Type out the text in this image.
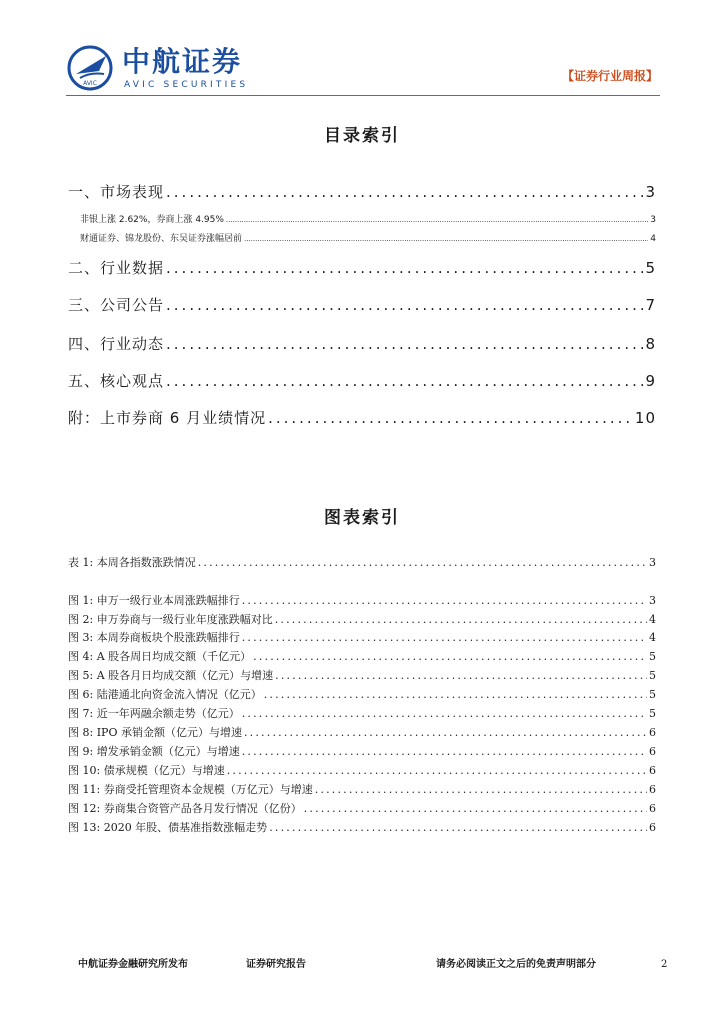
AVIC
中航证券
AVIC SECURITIES
【证券行业周报】
目录索引
一、市场表现 .....	3
非银上涨 2.62%，券商上涨 4.95% .....	3
财通证券、锦龙股份、东吴证券涨幅居前 .....	4
二、行业数据 .....	5
三、公司公告 .....	7
四、行业动态 .....	8
五、核心观点 .....	9
附：上市券商 6 月业绩情况 .....	10
图表索引
表 1: 本周各指数涨跌情况 .....	3
图 1: 申万一级行业本周涨跌幅排行 .....	3
图 2: 申万券商与一级行业年度涨跌幅对比 .....	4
图 3: 本周券商板块个股涨跌幅排行 .....	4
图 4: A 股各周日均成交额（千亿元） .....	5
图 5: A 股各月日均成交额（亿元）与增速 .....	5
图 6: 陆港通北向资金流入情况（亿元） .....	5
图 7: 近一年两融余额走势（亿元） .....	5
图 8: IPO 承销金额（亿元）与增速 .....	6
图 9: 增发承销金额（亿元）与增速 .....	6
图 10: 债承规模（亿元）与增速 .....	6
图 11: 券商受托管理资本金规模（万亿元）与增速 .....	6
图 12: 券商集合资管产品各月发行情况（亿份） .....	6
图 13: 2020 年股、债基准指数涨幅走势 .....	6
中航证券金融研究所发布	证券研究报告	请务必阅读正文之后的免责声明部分	2
